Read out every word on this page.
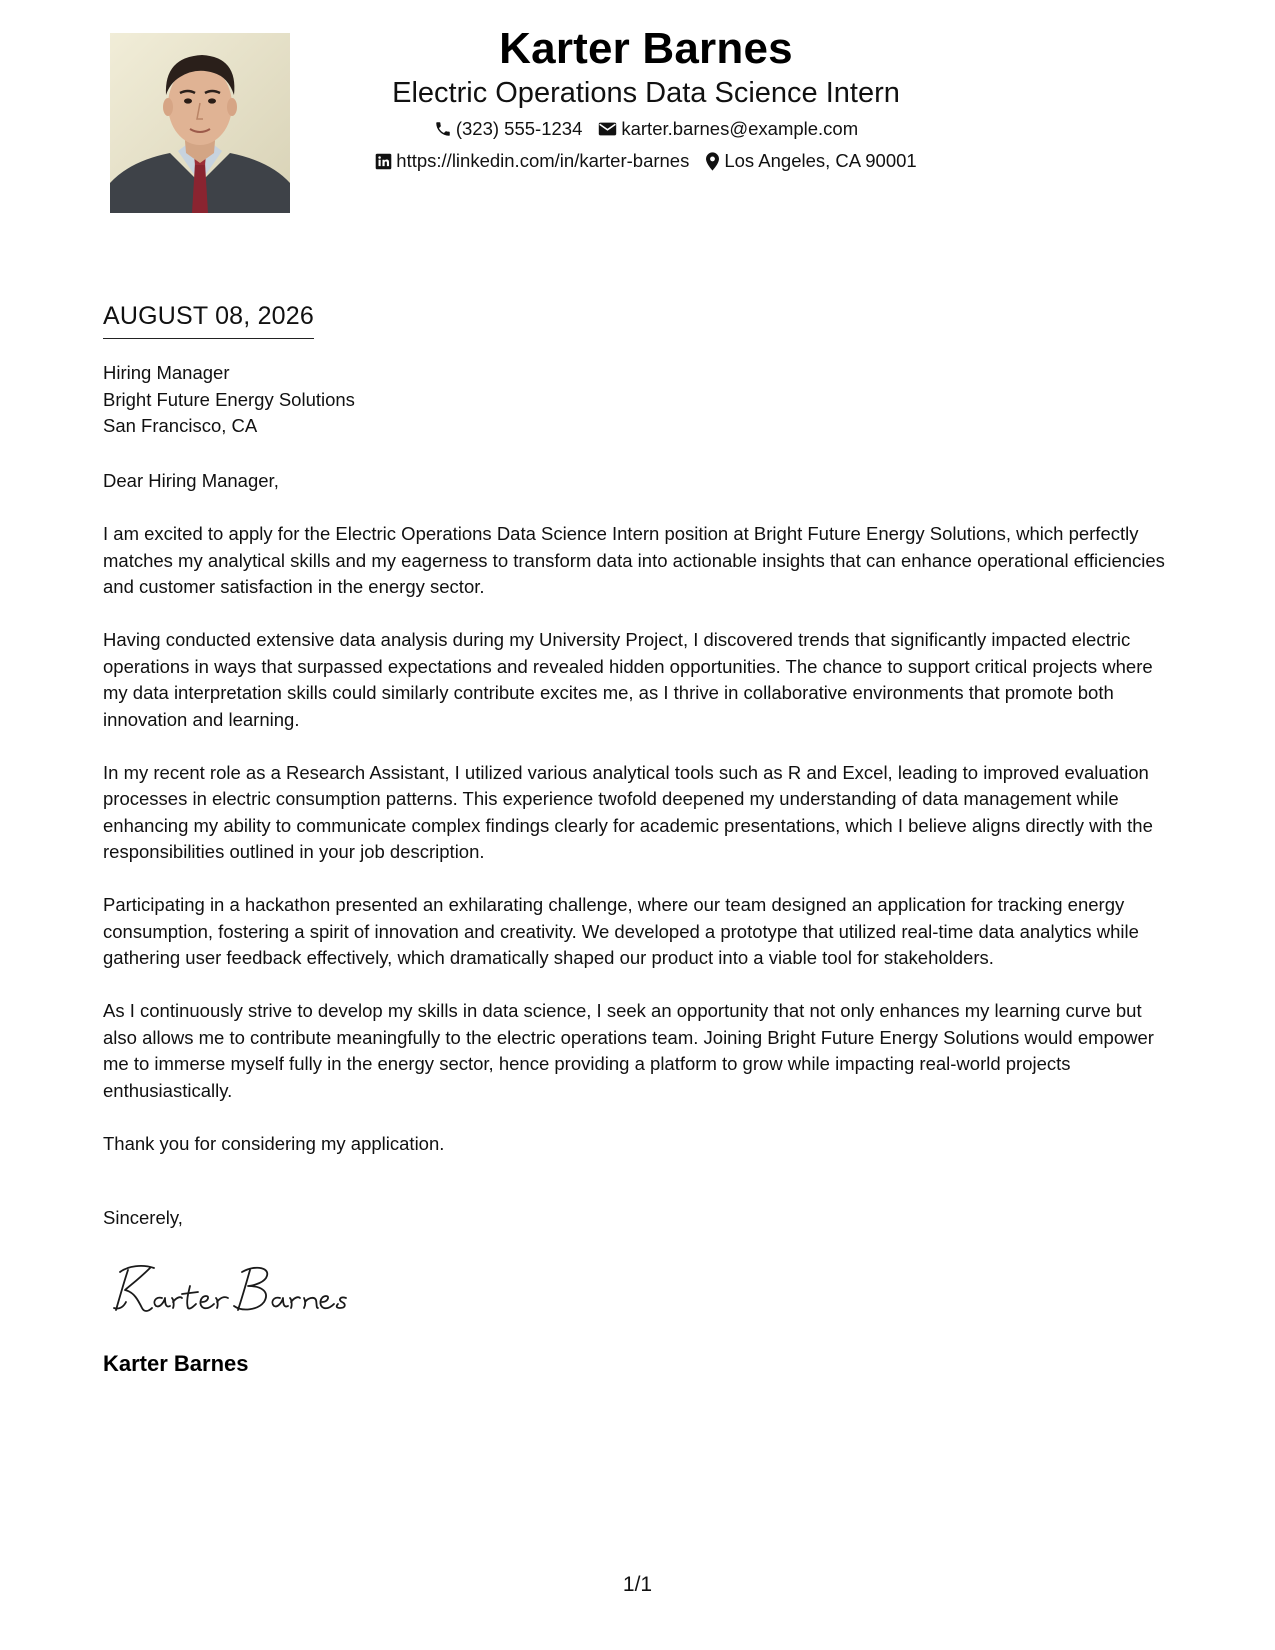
Karter Barnes
Electric Operations Data Science Intern
(323) 555-1234 karter.barnes@example.com
https://linkedin.com/in/karter-barnes Los Angeles, CA 90001
AUGUST 08, 2026
Hiring Manager
Bright Future Energy Solutions
San Francisco, CA

Dear Hiring Manager,

I am excited to apply for the Electric Operations Data Science Intern position at Bright Future Energy Solutions, which perfectly matches my analytical skills and my eagerness to transform data into actionable insights that can enhance operational efficiencies and customer satisfaction in the energy sector.

Having conducted extensive data analysis during my University Project, I discovered trends that significantly impacted electric operations in ways that surpassed expectations and revealed hidden opportunities. The chance to support critical projects where my data interpretation skills could similarly contribute excites me, as I thrive in collaborative environments that promote both innovation and learning.

In my recent role as a Research Assistant, I utilized various analytical tools such as R and Excel, leading to improved evaluation processes in electric consumption patterns. This experience twofold deepened my understanding of data management while enhancing my ability to communicate complex findings clearly for academic presentations, which I believe aligns directly with the responsibilities outlined in your job description.

Participating in a hackathon presented an exhilarating challenge, where our team designed an application for tracking energy consumption, fostering a spirit of innovation and creativity. We developed a prototype that utilized real-time data analytics while gathering user feedback effectively, which dramatically shaped our product into a viable tool for stakeholders.

As I continuously strive to develop my skills in data science, I seek an opportunity that not only enhances my learning curve but also allows me to contribute meaningfully to the electric operations team. Joining Bright Future Energy Solutions would empower me to immerse myself fully in the energy sector, hence providing a platform to grow while impacting real-world projects enthusiastically.

Thank you for considering my application.

Sincerely,
Karter Barnes
1/1
